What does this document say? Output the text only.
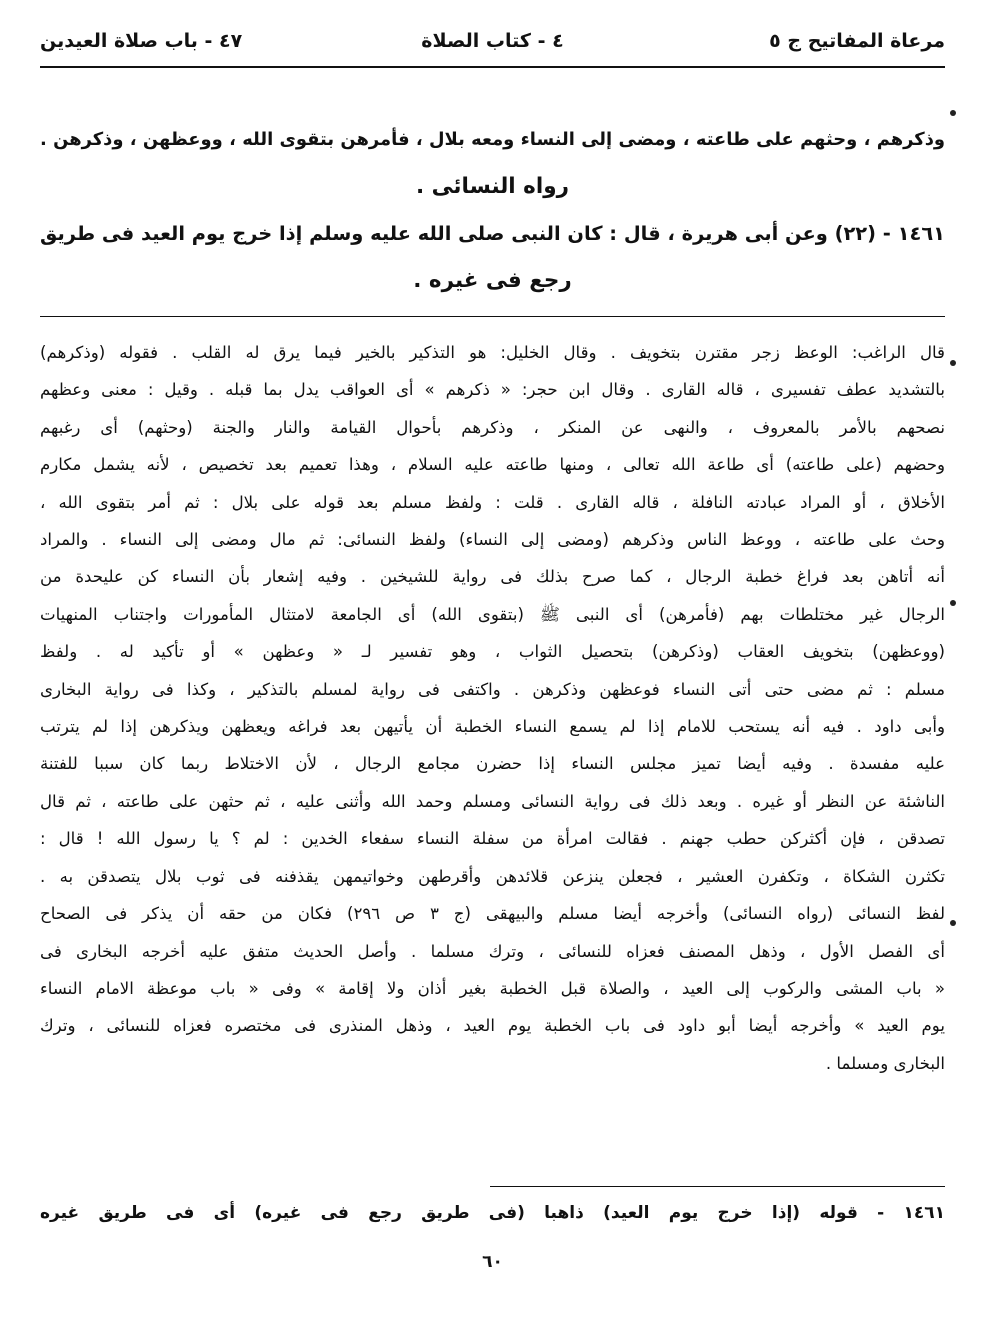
مرعاة المفاتيح ج ٥
٤ - كتاب الصلاة
٤٧ - باب صلاة العيدين
وذكرهم ، وحثهم على طاعته ، ومضى إلى النساء ومعه بلال ، فأمرهن بتقوى الله ، ووعظهن ، وذكرهن .
رواه النسائى .
١٤٦١ - (٢٢) وعن أبى هريرة ، قال : كان النبى صلى الله عليه وسلم إذا خرج يوم العيد فى طريق
رجع فى غيره .
قال الراغب: الوعظ زجر مقترن بتخويف . وقال الخليل: هو التذكير بالخير فيما يرق له القلب . فقوله (وذكرهم)
بالتشديد عطف تفسيرى ، قاله القارى . وقال ابن حجر: « ذكرهم » أى العواقب يدل بما قبله . وقيل : معنى وعظهم
نصحهم بالأمر بالمعروف ، والنهى عن المنكر ، وذكرهم بأحوال القيامة والنار والجنة (وحثهم) أى رغبهم
وحضهم (على طاعته) أى طاعة الله تعالى ، ومنها طاعته عليه السلام ، وهذا تعميم بعد تخصيص ، لأنه يشمل مكارم
الأخلاق ، أو المراد عبادته النافلة ، قاله القارى . قلت : ولفظ مسلم بعد قوله على بلال : ثم أمر بتقوى الله ،
وحث على طاعته ، ووعظ الناس وذكرهم (ومضى إلى النساء) ولفظ النسائى: ثم مال ومضى إلى النساء . والمراد
أنه أتاهن بعد فراغ خطبة الرجال ، كما صرح بذلك فى رواية للشيخين . وفيه إشعار بأن النساء كن عليحدة من
الرجال غير مختلطات بهم (فأمرهن) أى النبى ﷺ (بتقوى الله) أى الجامعة لامتثال المأمورات واجتناب المنهيات
(ووعظهن) بتخويف العقاب (وذكرهن) بتحصيل الثواب ، وهو تفسير لـ « وعظهن » أو تأكيد له . ولفظ
مسلم : ثم مضى حتى أتى النساء فوعظهن وذكرهن . واكتفى فى رواية لمسلم بالتذكير ، وكذا فى رواية البخارى
وأبى داود . فيه أنه يستحب للامام إذا لم يسمع النساء الخطبة أن يأتيهن بعد فراغه ويعظهن ويذكرهن إذا لم يترتب
عليه مفسدة . وفيه أيضا تميز مجلس النساء إذا حضرن مجامع الرجال ، لأن الاختلاط ربما كان سببا للفتنة
الناشئة عن النظر أو غيره . وبعد ذلك فى رواية النسائى ومسلم وحمد الله وأثنى عليه ، ثم حثهن على طاعته ، ثم قال
تصدقن ، فإن أكثركن حطب جهنم . فقالت امرأة من سفلة النساء سفعاء الخدين : لم ؟ يا رسول الله ! قال :
تكثرن الشكاة ، وتكفرن العشير ، فجعلن ينزعن قلائدهن وأقرطهن وخواتيمهن يقذفنه فى ثوب بلال يتصدقن به .
لفظ النسائى (رواه النسائى) وأخرجه أيضا مسلم والبيهقى (ج ٣ ص ٢٩٦) فكان من حقه أن يذكر فى الصحاح
أى الفصل الأول ، وذهل المصنف فعزاه للنسائى ، وترك مسلما . وأصل الحديث متفق عليه أخرجه البخارى فى
« باب المشى والركوب إلى العيد ، والصلاة قبل الخطبة بغير أذان ولا إقامة » وفى « باب موعظة الامام النساء
يوم العيد » وأخرجه أيضا أبو داود فى باب الخطبة يوم العيد ، وذهل المنذرى فى مختصره فعزاه للنسائى ، وترك
البخارى ومسلما .
١٤٦١ - قوله (إذا خرج يوم العيد) ذاهبا (فى طريق رجع فى غيره) أى فى طريق غيره
٦٠
